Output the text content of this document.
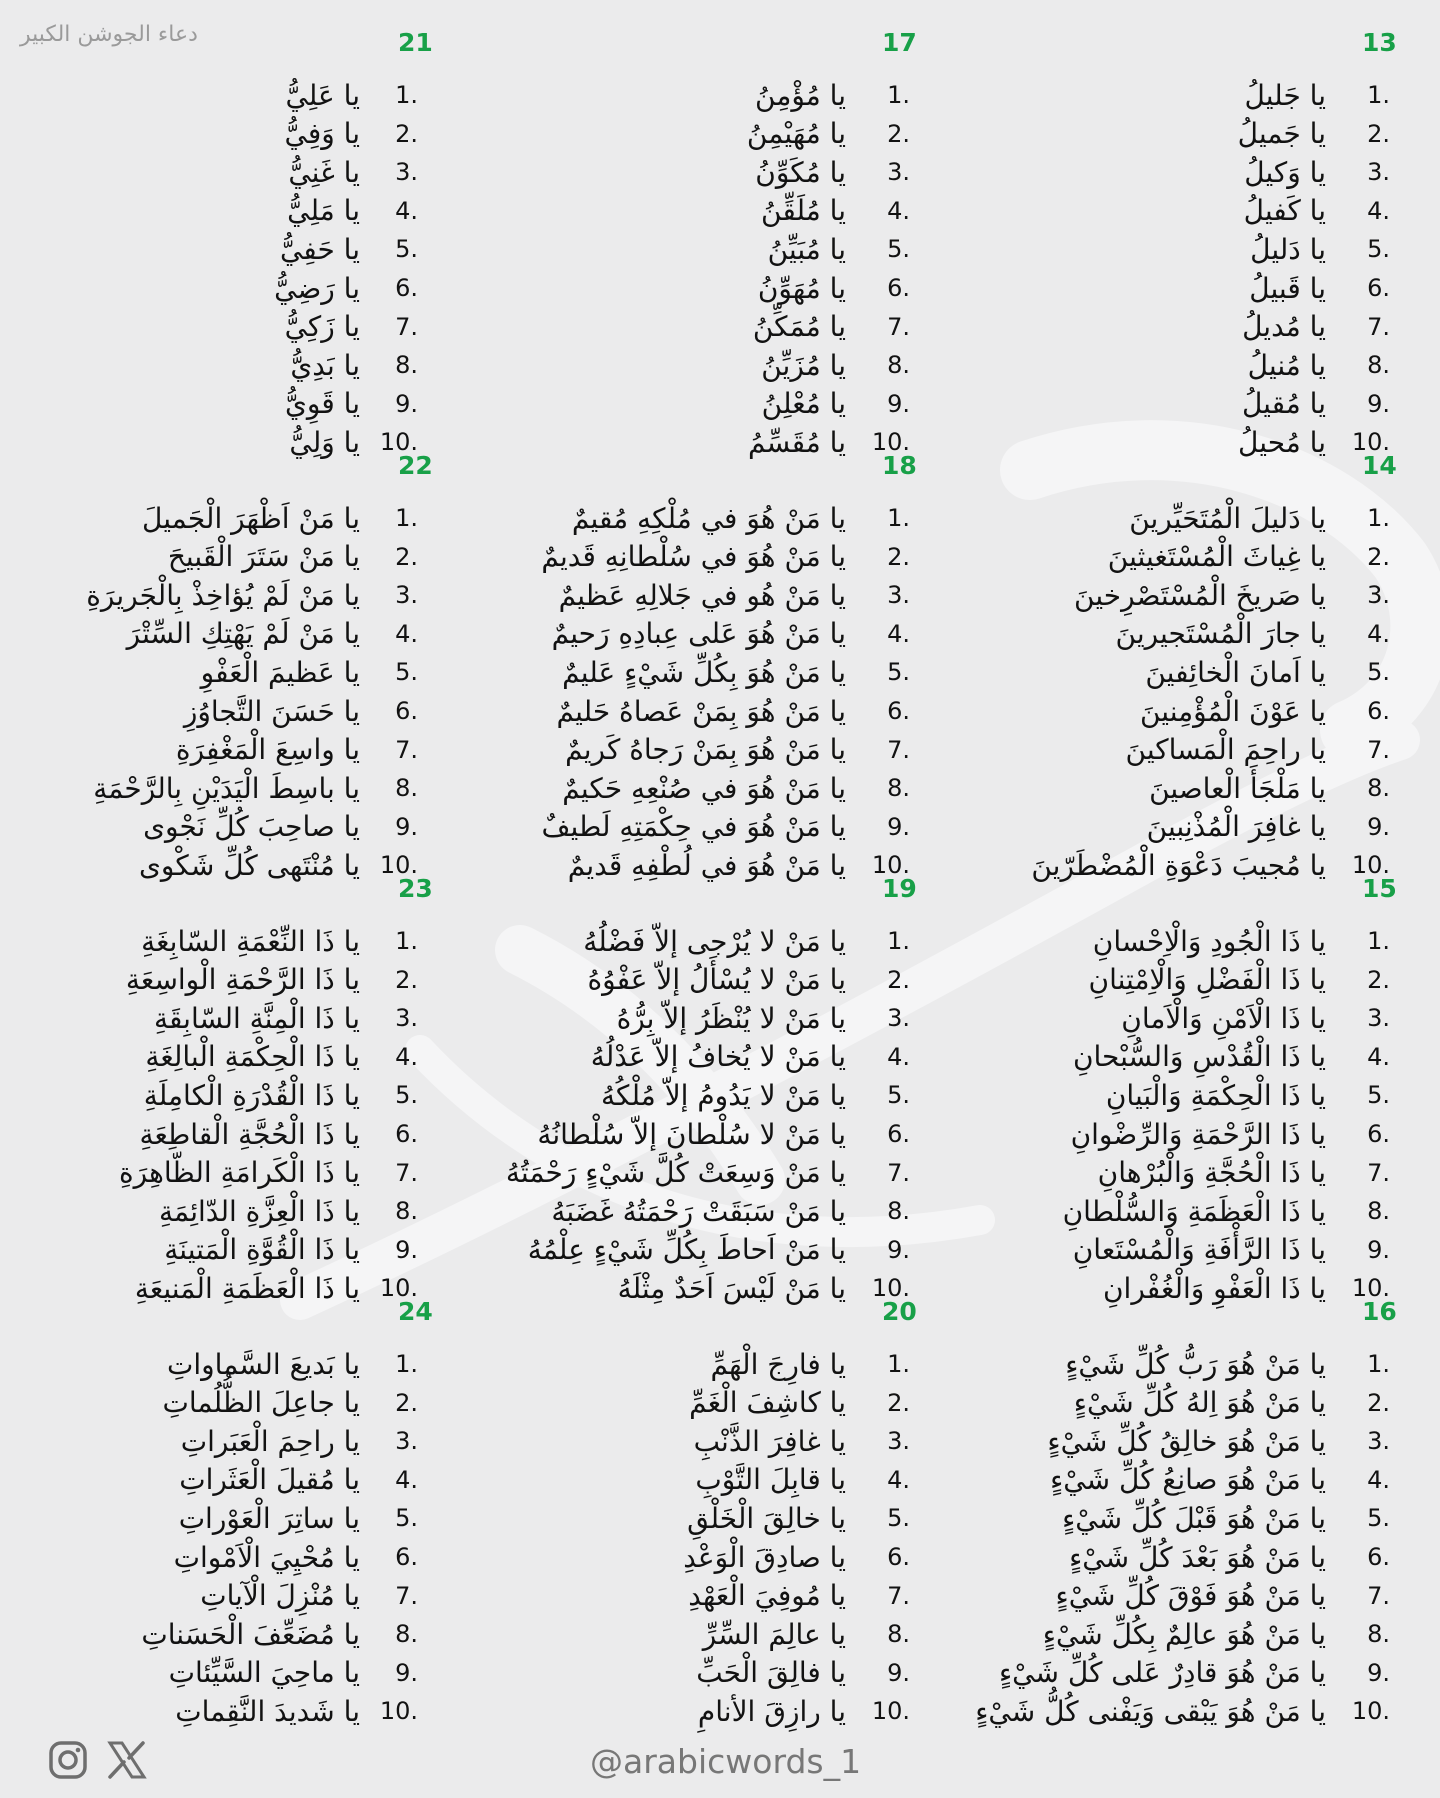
دعاء الجوشن الكبير	13
1.
يا جَليلُ
2.
يا جَميلُ
3.
يا وَكيلُ
4.
يا كَفيلُ
5.
يا دَليلُ
6.
يا قَبيلُ
7.
يا مُديلُ
8.
يا مُنيلُ
9.
يا مُقيلُ
10.
يا مُحيلُ
14
1.
يا دَليلَ الْمُتَحَيِّرينَ
2.
يا غِياثَ الْمُسْتَغيثينَ
3.
يا صَريخَ الْمُسْتَصْرِخينَ
4.
يا جارَ الْمُسْتَجيرينَ
5.
يا اَمانَ الْخائِفينَ
6.
يا عَوْنَ الْمُؤْمِنينَ
7.
يا راحِمَ الْمَساكينَ
8.
يا مَلْجَأَ الْعاصينَ
9.
يا غافِرَ الْمُذْنِبينَ
10.
يا مُجيبَ دَعْوَةِ الْمُضْطَرّينَ
15
1.
يا ذَا الْجُودِ وَالْاِحْسانِ
2.
يا ذَا الْفَضْلِ وَالْاِمْتِنانِ
3.
يا ذَا الْاَمْنِ وَالْاَمانِ
4.
يا ذَا الْقُدْسِ وَالسُّبْحانِ
5.
يا ذَا الْحِكْمَةِ وَالْبَيانِ
6.
يا ذَا الرَّحْمَةِ وَالرِّضْوانِ
7.
يا ذَا الْحُجَّةِ وَالْبُرْهانِ
8.
يا ذَا الْعَظَمَةِ وَالسُّلْطانِ
9.
يا ذَا الرَّأْفَةِ وَالْمُسْتَعانِ
10.
يا ذَا الْعَفْوِ وَالْغُفْرانِ
16
1.
يا مَنْ هُوَ رَبُّ كُلِّ شَيْءٍ
2.
يا مَنْ هُوَ اِلهُ كُلِّ شَيْءٍ
3.
يا مَنْ هُوَ خالِقُ كُلِّ شَيْءٍ
4.
يا مَنْ هُوَ صانِعُ كُلِّ شَيْءٍ
5.
يا مَنْ هُوَ قَبْلَ كُلِّ شَيْءٍ
6.
يا مَنْ هُوَ بَعْدَ كُلِّ شَيْءٍ
7.
يا مَنْ هُوَ فَوْقَ كُلِّ شَيْءٍ
8.
يا مَنْ هُوَ عالِمٌ بِكُلِّ شَيْءٍ
9.
يا مَنْ هُوَ قادِرٌ عَلى كُلِّ شَيْءٍ
10.
يا مَنْ هُوَ يَبْقى وَيَفْنى كُلُّ شَيْءٍ
17
1.
يا مُؤْمِنُ
2.
يا مُهَيْمِنُ
3.
يا مُكَوِّنُ
4.
يا مُلَقِّنُ
5.
يا مُبَيِّنُ
6.
يا مُهَوِّنُ
7.
يا مُمَكِّنُ
8.
يا مُزَيِّنُ
9.
يا مُعْلِنُ
10.
يا مُقَسِّمُ
18
1.
يا مَنْ هُوَ في مُلْكِهِ مُقيمٌ
2.
يا مَنْ هُوَ في سُلْطانِهِ قَديمٌ
3.
يا مَنْ هُو في جَلالِهِ عَظيمٌ
4.
يا مَنْ هُوَ عَلى عِبادِهِ رَحيمٌ
5.
يا مَنْ هُوَ بِكُلِّ شَيْءٍ عَليمٌ
6.
يا مَنْ هُوَ بِمَنْ عَصاهُ حَليمٌ
7.
يا مَنْ هُوَ بِمَنْ رَجاهُ كَريمٌ
8.
يا مَنْ هُوَ في صُنْعِهِ حَكيمٌ
9.
يا مَنْ هُوَ في حِكْمَتِهِ لَطيفٌ
10.
يا مَنْ هُوَ في لُطْفِهِ قَديمٌ
19
1.
يا مَنْ لا يُرْجى إلاّ فَضْلُهُ
2.
يا مَنْ لا يُسْأَلُ إلاّ عَفْوُهُ
3.
يا مَنْ لا يُنْظَرُ إلاّ بِرُّهُ
4.
يا مَنْ لا يُخافُ إلاّ عَدْلُهُ
5.
يا مَنْ لا يَدُومُ إلاّ مُلْكُهُ
6.
يا مَنْ لا سُلْطانَ إلاّ سُلْطانُهُ
7.
يا مَنْ وَسِعَتْ كُلَّ شَيْءٍ رَحْمَتُهُ
8.
يا مَنْ سَبَقَتْ رَحْمَتُهُ غَضَبَهُ
9.
يا مَنْ اَحاطَ بِكُلِّ شَيْءٍ عِلْمُهُ
10.
يا مَنْ لَيْسَ اَحَدٌ مِثْلَهُ
20
1.
يا فارِجَ الْهَمِّ
2.
يا كاشِفَ الْغَمِّ
3.
يا غافِرَ الذَّنْبِ
4.
يا قابِلَ التَّوْبِ
5.
يا خالِقَ الْخَلْقِ
6.
يا صادِقَ الْوَعْدِ
7.
يا مُوفِيَ الْعَهْدِ
8.
يا عالِمَ السِّرِّ
9.
يا فالِقَ الْحَبِّ
10.
يا رازِقَ الأنامِ
21
1.
يا عَلِيُّ
2.
يا وَفِيُّ
3.
يا غَنِيُّ
4.
يا مَلِيُّ
5.
يا حَفِيُّ
6.
يا رَضِيُّ
7.
يا زَكِيُّ
8.
يا بَدِيُّ
9.
يا قَوِيُّ
10.
يا وَلِيُّ
22
1.
يا مَنْ اَظْهَرَ الْجَميلَ
2.
يا مَنْ سَتَرَ الْقَبيحَ
3.
يا مَنْ لَمْ يُؤاخِذْ بِالْجَريرَةِ
4.
يا مَنْ لَمْ يَهْتِكِ السِّتْرَ
5.
يا عَظيمَ الْعَفْوِ
6.
يا حَسَنَ التَّجاوُزِ
7.
يا واسِعَ الْمَغْفِرَةِ
8.
يا باسِطَ الْيَدَيْنِ بِالرَّحْمَةِ
9.
يا صاحِبَ كُلِّ نَجْوى
10.
يا مُنْتَهى كُلِّ شَكْوى
23
1.
يا ذَا النِّعْمَةِ السّابِغَةِ
2.
يا ذَا الرَّحْمَةِ الْواسِعَةِ
3.
يا ذَا الْمِنَّةِ السّابِقَةِ
4.
يا ذَا الْحِكْمَةِ الْبالِغَةِ
5.
يا ذَا الْقُدْرَةِ الْكامِلَةِ
6.
يا ذَا الْحُجَّةِ الْقاطِعَةِ
7.
يا ذَا الْكَرامَةِ الظّاهِرَةِ
8.
يا ذَا الْعِزَّةِ الدّائِمَةِ
9.
يا ذَا الْقُوَّةِ الْمَتينَةِ
10.
يا ذَا الْعَظَمَةِ الْمَنيعَةِ
24
1.
يا بَديعَ السَّماواتِ
2.
يا جاعِلَ الظُّلُماتِ
3.
يا راحِمَ الْعَبَراتِ
4.
يا مُقيلَ الْعَثَراتِ
5.
يا ساتِرَ الْعَوْراتِ
6.
يا مُحْيِيَ الْاَمْواتِ
7.
يا مُنْزِلَ الْآياتِ
8.
يا مُضَعِّفَ الْحَسَناتِ
9.
يا ماحِيَ السَّيِّئاتِ
10.
يا شَديدَ النَّقِماتِ
@arabicwords_1
